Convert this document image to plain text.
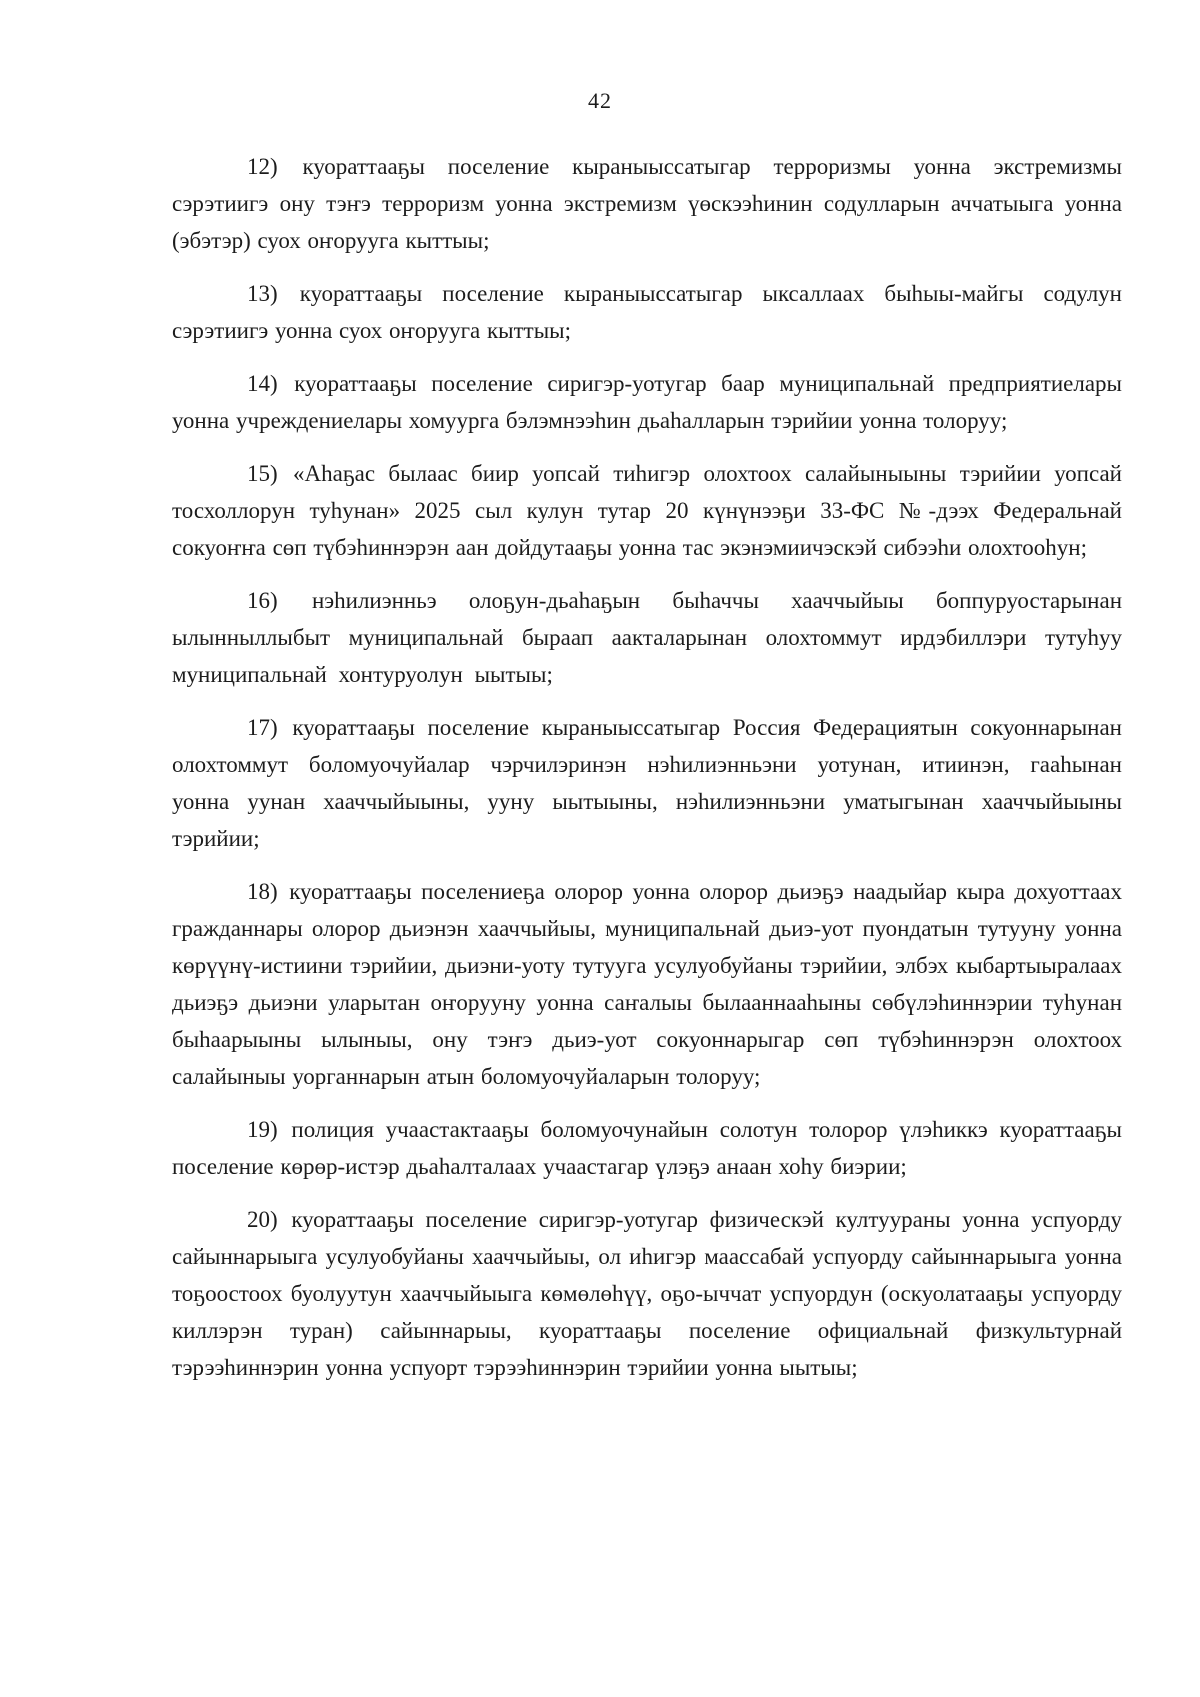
42

12) куораттааҕы поселение кыраныыссатыгар терроризмы уонна экстремизмы сэрэтиигэ ону тэҥэ терроризм уонна экстремизм үөскээһинин содулларын аччатыыга уонна (эбэтэр) суох оҥорууга кыттыы;

13) куораттааҕы поселение кыраныыссатыгар ыксаллаах быһыы-майгы содулун сэрэтиигэ уонна суох оҥорууга кыттыы;

14) куораттааҕы поселение сиригэр-уотугар баар муниципальнай предприятиелары уонна учреждениелары хомуурга бэлэмнээһин дьаһалларын тэрийии уонна толоруу;

15) «Аһаҕас былаас биир уопсай тиһигэр олохтоох салайыныыны тэрийии уопсай тосхоллорун туһунан» 2025 сыл кулун тутар 20 күнүнээҕи 33-ФС №-дээх Федеральнай сокуоҥҥа сөп түбэһиннэрэн аан дойдутааҕы уонна тас экэнэмиичэскэй сибээһи олохтооһун;

16) нэһилиэнньэ олоҕун-дьаһаҕын быһаччы хааччыйыы боппуруостарынан ылынныллыбыт муниципальнай быраап аакталарынан олохтоммут ирдэбиллэри тутуһуу муниципальнай хонтуруолун ыытыы;

17) куораттааҕы поселение кыраныыссатыгар Россия Федерациятын сокуоннарынан олохтоммут боломуочуйалар чэрчилэринэн нэһилиэнньэни уотунан, итиинэн, гааһынан уонна уунан хааччыйыыны, ууну ыытыыны, нэһилиэнньэни уматыгынан хааччыйыыны тэрийии;

18) куораттааҕы поселениеҕа олорор уонна олорор дьиэҕэ наадыйар кыра дохуоттаах гражданнары олорор дьиэнэн хааччыйыы, муниципальнай дьиэ-уот пуондатын тутууну уонна көрүүнү-истиини тэрийии, дьиэни-уоту тутууга усулуобуйаны тэрийии, элбэх кыбартыыралаах дьиэҕэ дьиэни уларытан оҥорууну уонна саҥалыы былааннааһыны сөбүлэһиннэрии туһунан быһаарыыны ылыныы, ону тэҥэ дьиэ-уот сокуоннарыгар сөп түбэһиннэрэн олохтоох салайыныы уорганнарын атын боломуочуйаларын толоруу;

19) полиция учаастактааҕы боломуочунайын солотун толорор үлэһиккэ куораттааҕы поселение көрөр-истэр дьаһалталаах учаастагар үлэҕэ анаан хоһу биэрии;

20) куораттааҕы поселение сиригэр-уотугар физическэй култуураны уонна успуорду сайыннарыыга усулуобуйаны хааччыйыы, ол иһигэр маассабай успуорду сайыннарыыга уонна тоҕоостоох буолуутун хааччыйыыга көмөлөһүү, оҕо-ыччат успуордун (оскуолатааҕы успуорду киллэрэн туран) сайыннарыы, куораттааҕы поселение официальнай физкультурнай тэрээһиннэрин уонна успуорт тэрээһиннэрин тэрийии уонна ыытыы;
